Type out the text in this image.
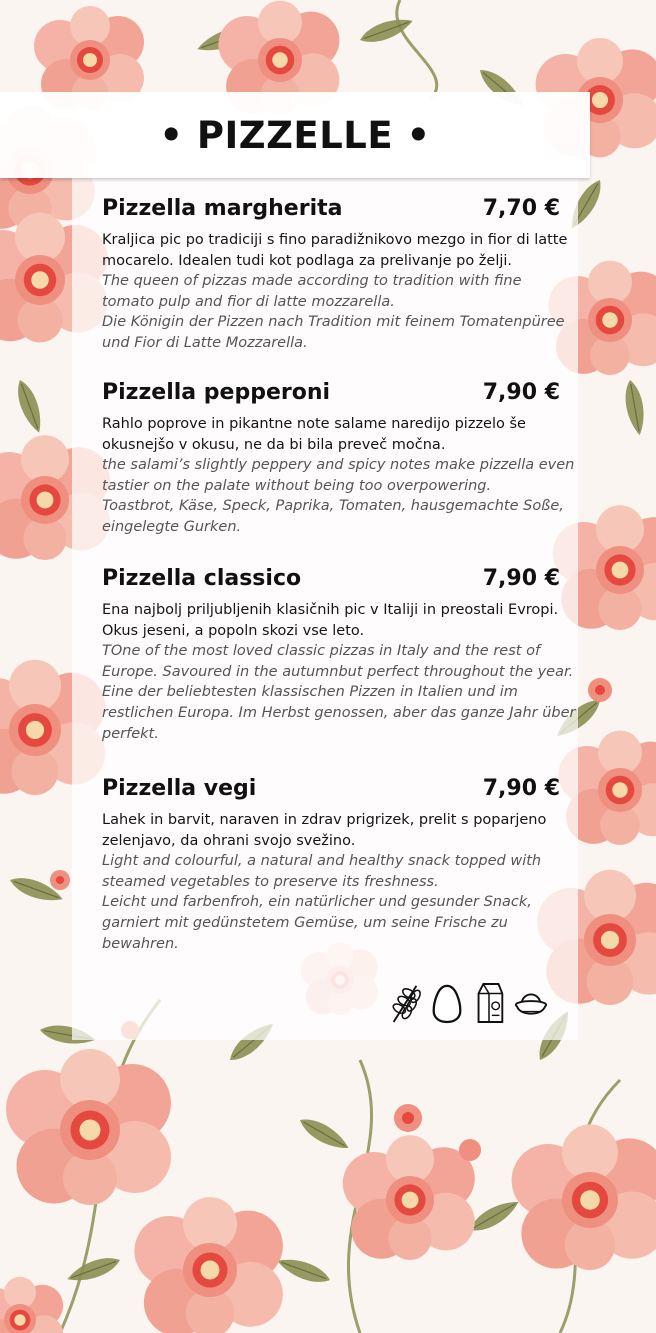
• PIZZELLE •
Pizzella margherita	7,70 €

Kraljica pic po tradiciji s fino paradižnikovo mezgo in fior di latte mocarelo. Idealen tudi kot podlaga za prelivanje po želji.

The queen of pizzas made according to tradition with fine tomato pulp and fior di latte mozzarella.

Die Königin der Pizzen nach Tradition mit feinem Tomatenpüree und Fior di Latte Mozzarella.

Pizzella pepperoni	7,90 €

Rahlo poprove in pikantne note salame naredijo pizzelo še okusnejšo v okusu, ne da bi bila preveč močna.

the salami’s slightly peppery and spicy notes make pizzella even tastier on the palate without being too overpowering.

Toastbrot, Käse, Speck, Paprika, Tomaten, hausgemachte Soße, eingelegte Gurken.

Pizzella classico	7,90 €

Ena najbolj priljubljenih klasičnih pic v Italiji in preostali Evropi. Okus jeseni, a popoln skozi vse leto.

TOne of the most loved classic pizzas in Italy and the rest of Europe. Savoured in the autumnbut perfect throughout the year.

Eine der beliebtesten klassischen Pizzen in Italien und im restlichen Europa. Im Herbst genossen, aber das ganze Jahr über perfekt.

Pizzella vegi	7,90 €

Lahek in barvit, naraven in zdrav prigrizek, prelit s poparjeno zelenjavo, da ohrani svojo svežino.

Light and colourful, a natural and healthy snack topped with steamed vegetables to preserve its freshness.

Leicht und farbenfroh, ein natürlicher und gesunder Snack, garniert mit gedünstetem Gemüse, um seine Frische zu bewahren.
